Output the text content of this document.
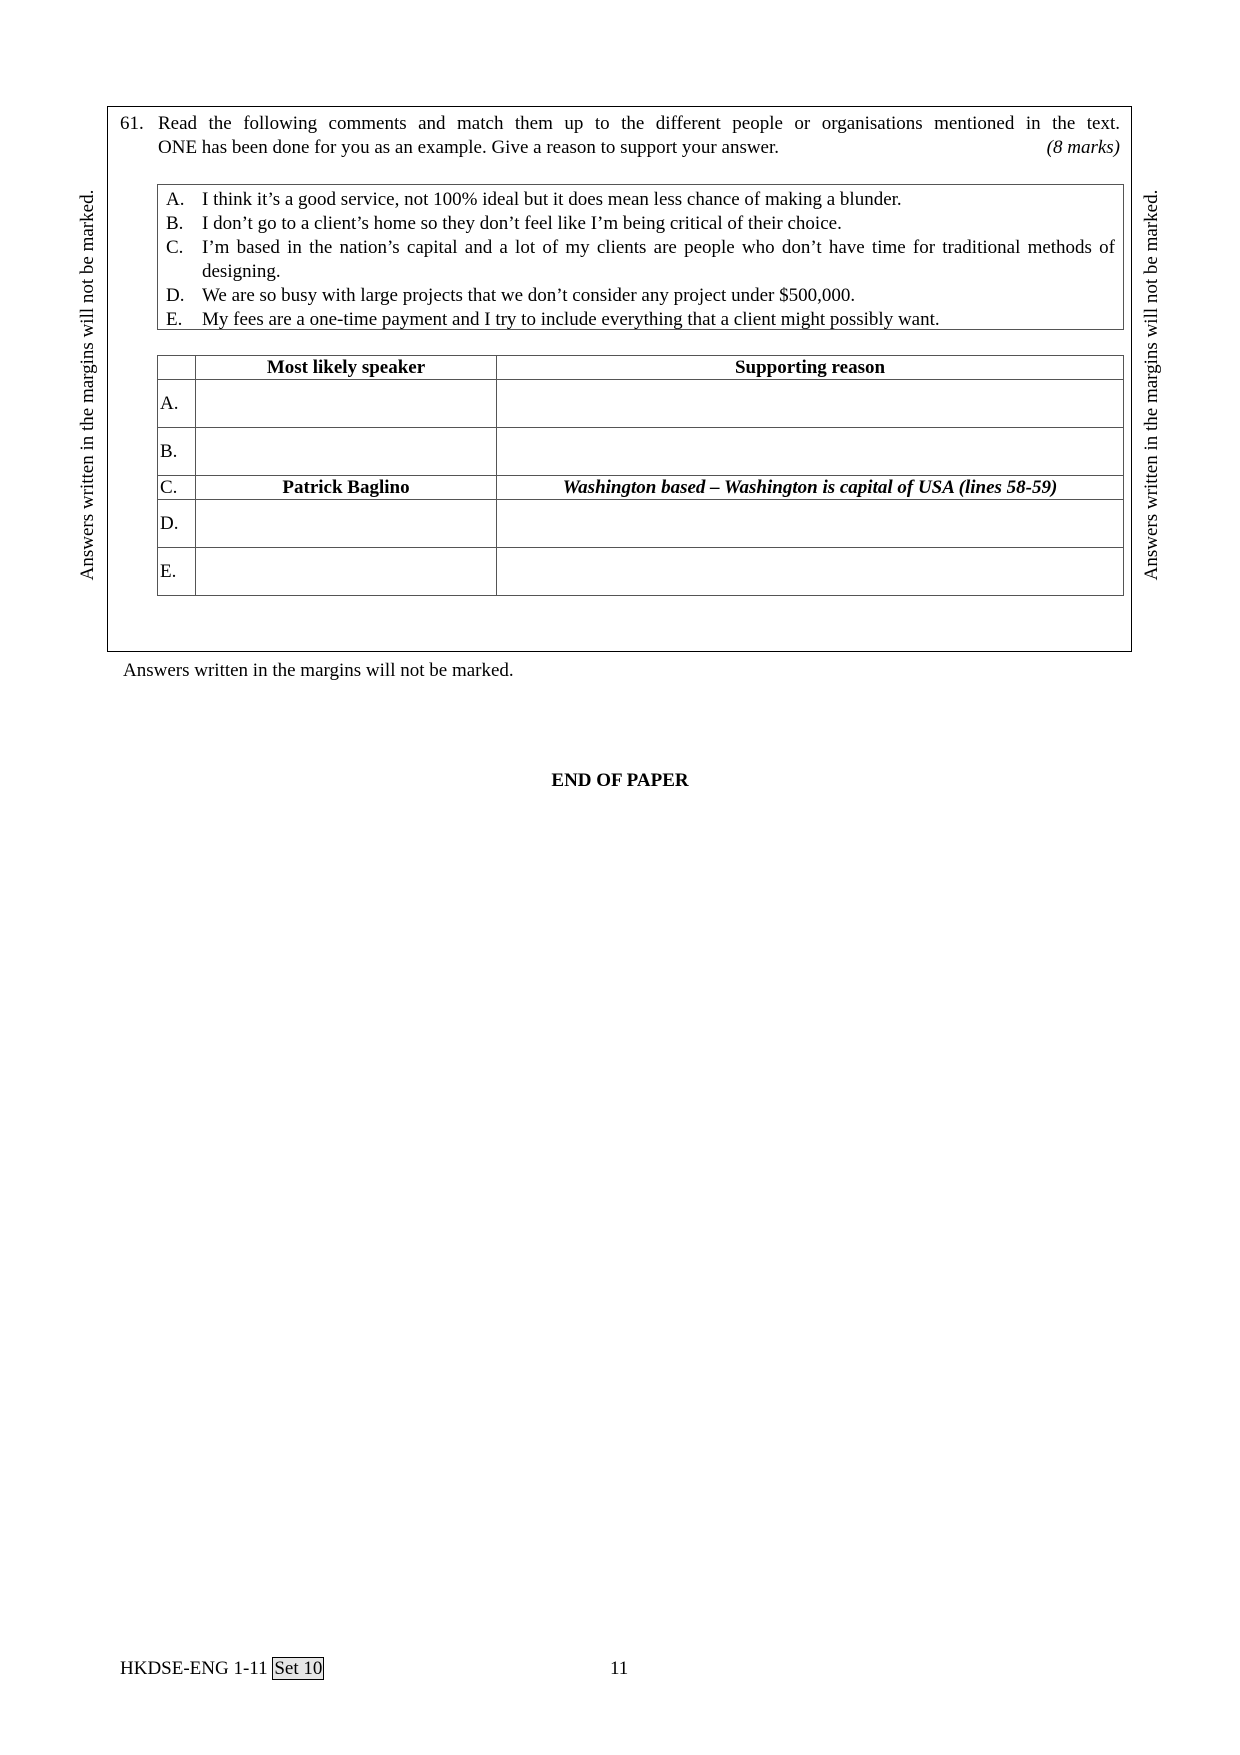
Answers written in the margins will not be marked.	Answers written in the margins will not be marked.
61. Read the following comments and match them up to the different people or organisations mentioned in the text.
ONE has been done for you as an example. Give a reason to support your answer.	(8 marks)
A. I think it’s a good service, not 100% ideal but it does mean less chance of making a blunder.
B. I don’t go to a client’s home so they don’t feel like I’m being critical of their choice.
C. I’m based in the nation’s capital and a lot of my clients are people who don’t have time for traditional methods of designing.
D. We are so busy with large projects that we don’t consider any project under $500,000.
E.	My fees are a one-time payment and I try to include everything that a client might possibly want.
	Most likely speaker	Supporting reason
A.		
B.		
C.	Patrick Baglino	Washington based – Washington is capital of USA (lines 58-59)
D.		
E.		
Answers written in the margins will not be marked.
END OF PAPER
HKDSE-ENG 1-11 Set 10	11
